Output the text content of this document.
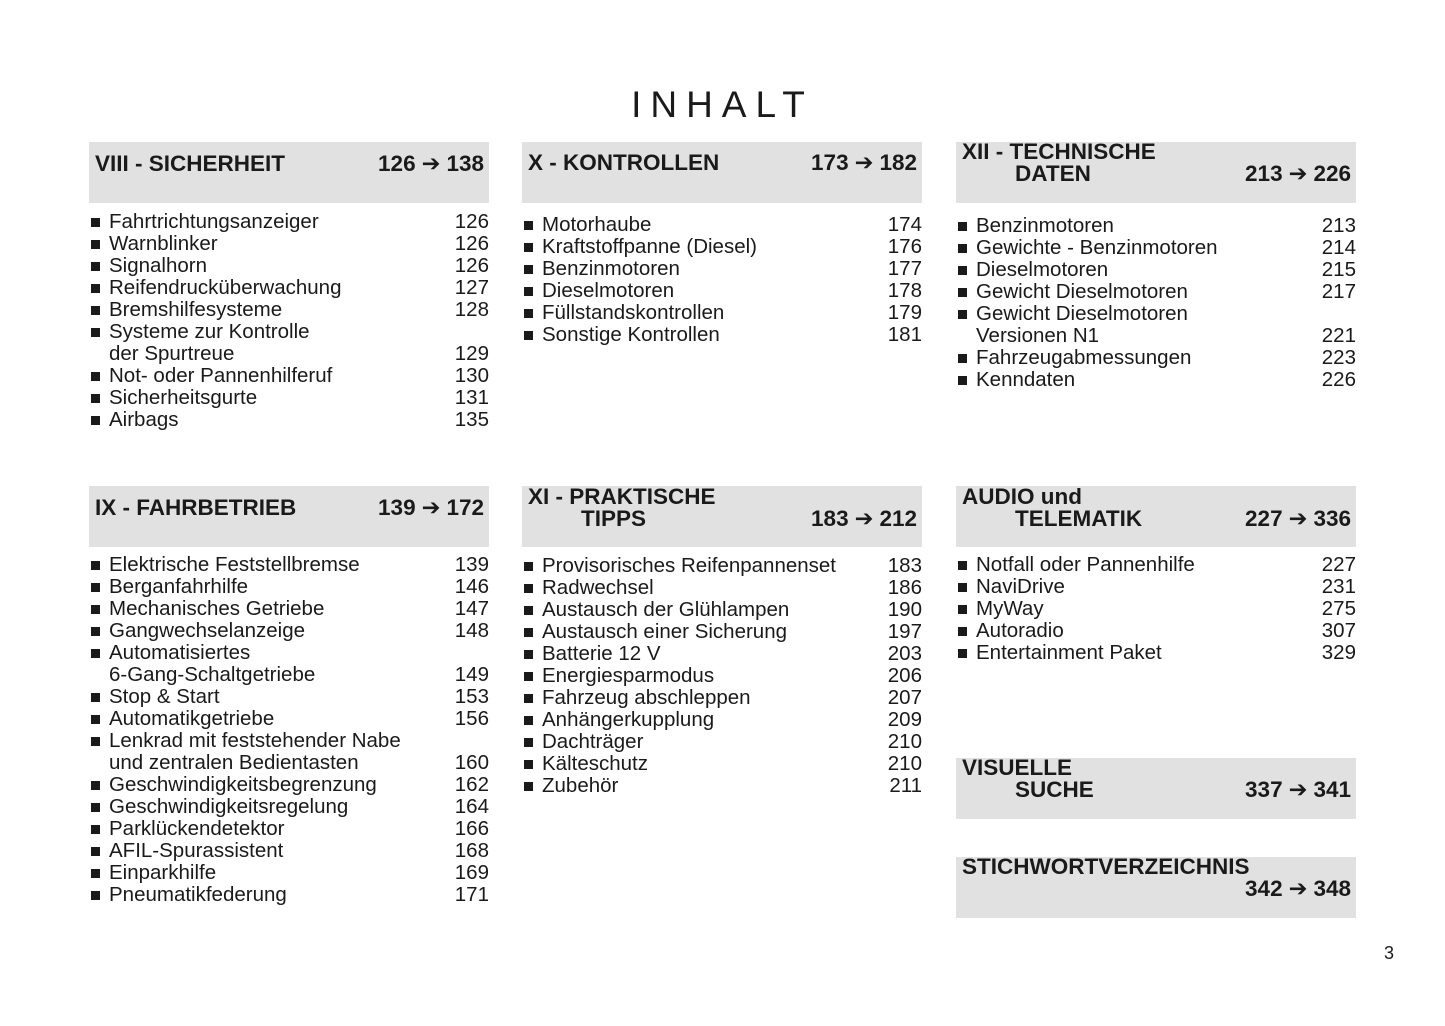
INHALT
VIII - SICHERHEIT	126 ➔ 138
Fahrtrichtungsanzeiger	126
Warnblinker	126
Signalhorn	126
Reifendrucküberwachung	127
Bremshilfesysteme	128
Systeme zur Kontrolle
der Spurtreue	129
Not- oder Pannenhilferuf	130
Sicherheitsgurte	131
Airbags	135
X - KONTROLLEN	173 ➔ 182
Motorhaube	174
Kraftstoffpanne (Diesel)	176
Benzinmotoren	177
Dieselmotoren	178
Füllstandskontrollen	179
Sonstige Kontrollen	181
XII - TECHNISCHE
DATEN	213 ➔ 226
Benzinmotoren	213
Gewichte - Benzinmotoren	214
Dieselmotoren	215
Gewicht Dieselmotoren	217
Gewicht Dieselmotoren
Versionen N1	221
Fahrzeugabmessungen	223
Kenndaten	226
IX - FAHRBETRIEB	139 ➔ 172
Elektrische Feststellbremse	139
Berganfahrhilfe	146
Mechanisches Getriebe	147
Gangwechselanzeige	148
Automatisiertes
6-Gang-Schaltgetriebe	149
Stop & Start	153
Automatikgetriebe	156
Lenkrad mit feststehender Nabe
und zentralen Bedientasten	160
Geschwindigkeitsbegrenzung	162
Geschwindigkeitsregelung	164
Parklückendetektor	166
AFIL-Spurassistent	168
Einparkhilfe	169
Pneumatikfederung	171
XI - PRAKTISCHE
TIPPS	183 ➔ 212
Provisorisches Reifenpannenset	183
Radwechsel	186
Austausch der Glühlampen	190
Austausch einer Sicherung	197
Batterie 12 V	203
Energiesparmodus	206
Fahrzeug abschleppen	207
Anhängerkupplung	209
Dachträger	210
Kälteschutz	210
Zubehör	211
AUDIO und
TELEMATIK	227 ➔ 336
Notfall oder Pannenhilfe	227
NaviDrive	231
MyWay	275
Autoradio	307
Entertainment Paket	329
VISUELLE
SUCHE	337 ➔ 341
STICHWORTVERZEICHNIS
342 ➔ 348
3
